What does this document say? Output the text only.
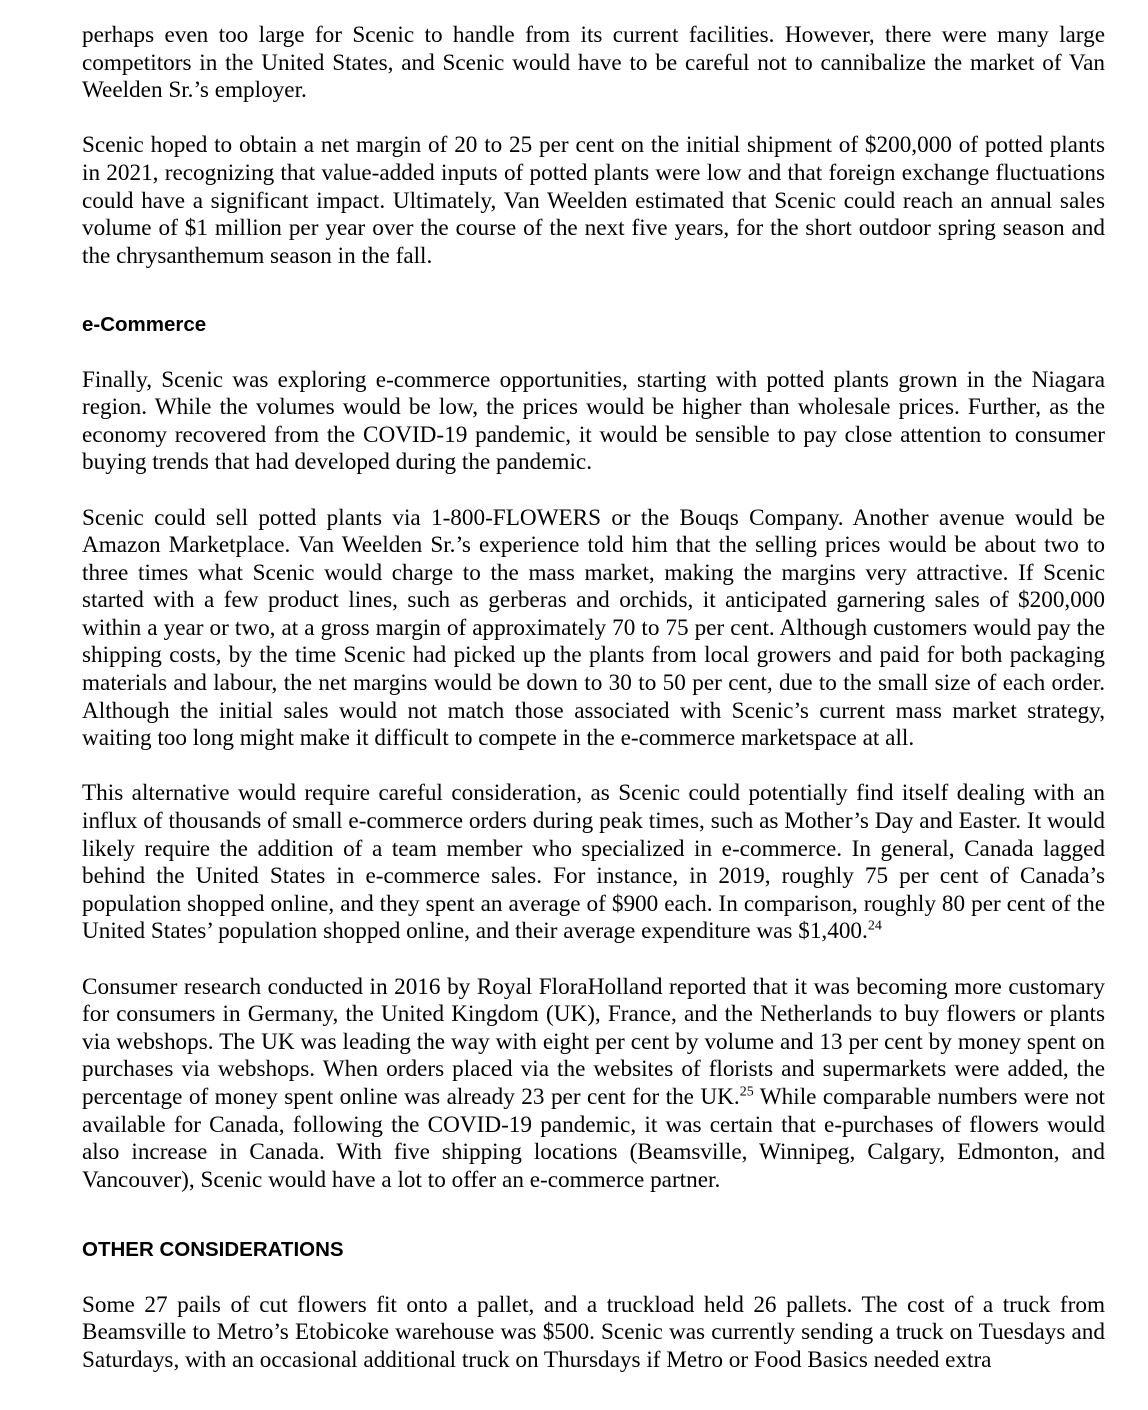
perhaps even too large for Scenic to handle from its current facilities. However, there were many large competitors in the United States, and Scenic would have to be careful not to cannibalize the market of Van Weelden Sr.’s employer.

Scenic hoped to obtain a net margin of 20 to 25 per cent on the initial shipment of $200,000 of potted plants in 2021, recognizing that value-added inputs of potted plants were low and that foreign exchange fluctuations could have a significant impact. Ultimately, Van Weelden estimated that Scenic could reach an annual sales volume of $1 million per year over the course of the next five years, for the short outdoor spring season and the chrysanthemum season in the fall.

e-Commerce

Finally, Scenic was exploring e-commerce opportunities, starting with potted plants grown in the Niagara region. While the volumes would be low, the prices would be higher than wholesale prices. Further, as the economy recovered from the COVID-19 pandemic, it would be sensible to pay close attention to consumer buying trends that had developed during the pandemic.

Scenic could sell potted plants via 1-800-FLOWERS or the Bouqs Company. Another avenue would be Amazon Marketplace. Van Weelden Sr.’s experience told him that the selling prices would be about two to three times what Scenic would charge to the mass market, making the margins very attractive. If Scenic started with a few product lines, such as gerberas and orchids, it anticipated garnering sales of $200,000 within a year or two, at a gross margin of approximately 70 to 75 per cent. Although customers would pay the shipping costs, by the time Scenic had picked up the plants from local growers and paid for both packaging materials and labour, the net margins would be down to 30 to 50 per cent, due to the small size of each order. Although the initial sales would not match those associated with Scenic’s current mass market strategy, waiting too long might make it difficult to compete in the e-commerce marketspace at all.

This alternative would require careful consideration, as Scenic could potentially find itself dealing with an influx of thousands of small e-commerce orders during peak times, such as Mother’s Day and Easter. It would likely require the addition of a team member who specialized in e-commerce. In general, Canada lagged behind the United States in e-commerce sales. For instance, in 2019, roughly 75 per cent of Canada’s population shopped online, and they spent an average of $900 each. In comparison, roughly 80 per cent of the United States’ population shopped online, and their average expenditure was $1,400.24

Consumer research conducted in 2016 by Royal FloraHolland reported that it was becoming more customary for consumers in Germany, the United Kingdom (UK), France, and the Netherlands to buy flowers or plants via webshops. The UK was leading the way with eight per cent by volume and 13 per cent by money spent on purchases via webshops. When orders placed via the websites of florists and supermarkets were added, the percentage of money spent online was already 23 per cent for the UK.$^{25}$ While comparable numbers were not available for Canada, following the COVID-19 pandemic, it was certain that e-purchases of flowers would also increase in Canada. With five shipping locations (Beamsville, Winnipeg, Calgary, Edmonton, and Vancouver), Scenic would have a lot to offer an e-commerce partner.

OTHER CONSIDERATIONS

Some 27 pails of cut flowers fit onto a pallet, and a truckload held 26 pallets. The cost of a truck from Beamsville to Metro’s Etobicoke warehouse was $500. Scenic was currently sending a truck on Tuesdays and Saturdays, with an occasional additional truck on Thursdays if Metro or Food Basics needed extra
